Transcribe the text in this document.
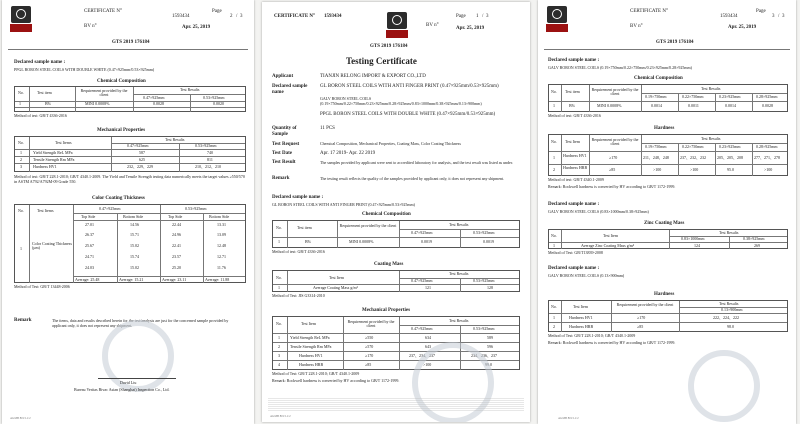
CERTIFICATE N°
1593434
Page
2 / 3
BV n°	Apr. 25, 2019
GTS 2019 176184
Declared sample name :
PPGL BORON STEEL COILS WITH DOUBLE WHITE (0.47×925mm/0.53×925mm)
Chemical Composition
No.	Test item	Requirement provided by the client
Test Results
0.47×925mm	0.53×925mm
1	B%	MINI 0.0008%	0.0028	0.0020
Method of test: GB/T 4336-2016
Mechanical Properties
No.	Test Items
Test Results
0.47×925mm	0.53×925mm
1	Yield Strength ReL MPa	587	740
2	Tensile Strength Rm MPa	625	811
3	Hardness HV1	232、229、229	210、212、210
Method of test: GB/T 228.1-2010; GB/T 4340.1-2009. The Yield and Tensile Strength testing data numerically meets the target values ≥550/570 in ASTM A792/A792M-09 Grade 550.
Color Coating Thickness
No.	Test Items	0.47×925mm	0.53×925mm
Top Side	Bottom Side	Top Side	Bottom Side
1
Color Coating Thickness (μm)
27.01	14.56	22.44	13.31
26.37	15.71	24.96	13.09
25.67	15.02	22.41	12.48
24.71	15.74	23.57	12.71
24.03	15.02	25.20	11.76
Average: 25.48	Average: 15.21	Average: 23.11	Average: 11.88
Method of Test: GB/T 13448-2006
Remark	The items, data and results described herein for the test/analysis are just for the concerned sample provided by applicant only, it does not represent any shipment.
David Liu
Bureau Veritas Bivac Asian (Shanghai) Inspection Co., Ltd.
AGMB 8013-1/2
CERTIFICATE N° 1593434	Page 1 / 3
BV n°
Apr. 25, 2019
GTS 2019 176184
Testing Certificate
Applicant	TIANJIN RELONG IMPORT & EXPORT CO.,LTD
Declared sample name
GL BORON STEEL COILS WITH ANTI FINGER PRINT (0.47×925mm/0.53×925mm)
GALV BORON STEEL COILS (0.19×750mm/0.22×750mm/0.23×925mm/0.28×925mm/0.83×1000mm/0.38×925mm/0.13×900mm)
PPGL BORON STEEL COILS WITH DOUBLE WHITE (0.47×925mm/0.53×925mm)
Quantity of Sample
11 PCS
Test Request	Chemical Composition, Mechanical Properties, Coating Mass, Color Coating Thickness
Test Date	Apr. 17 2019- Apr. 22 2019
Test Result	The samples provided by applicant were sent to accredited laboratory for analysis, and the test result was listed as under.
Remark	The testing result reflects the quality of the samples provided by applicant only, it does not represent any shipment.
Declared sample name :
GL BORON STEEL COILS WITH ANTI FINGER PRINT (0.47×925mm/0.53×925mm)
Chemical Composition
No.	Test item	Requirement provided by the client	Test Results
0.47×925mm	0.53×925mm
1	B%	MINI 0.0008%	0.0019	0.0019
Method of test: GB/T 4336-2016
Coating Mass
No.	Test Item
Test Results
0.47×925mm	0.53×925mm
1	Average Coating Mass g/m²	121	128
Method of Test: JIS G3314-2010
Mechanical Properties
No.	Test Item	Requirement provided by the client
Test Results
0.47×925mm	0.53×925mm
1	Yield Strength ReL MPa	≥550	634	589
2	Tensile Strength Rm MPa	≥570	643	596
3	Hardness HV1	≥170	237、234、237	234、236、237
4	Hardness HRB	≥85	>100	99.0
Method of Test: GB/T 228.1-2010; GB/T 4340.1-2009
Remark: Rockwell hardness is converted by HV according to GB/T 1172-1999.
AGMB 8013-1/2
CERTIFICATE N°
1593434
Page
3 / 3
BV n°	Apr. 25, 2019
GTS 2019 176184
Declared sample name :
GALV BORON STEEL COILS (0.19×750mm/0.22×750mm/0.23×925mm/0.28×925mm)
Chemical Composition
No. Test item	Requirement provided by the client
Test Results
0.19×750mm	0.22×750mm	0.23×925mm	0.28×925mm
1	B%	MINI 0.0008%	0.0014	0.0011	0.0014	0.0028
Method of test: GB/T 4336-2016
Hardness
No. Test Item	Requirement provided by the client
Test Results
0.19×750mm	0.22×750mm	0.23×925mm	0.28×925mm
1 Hardness HV1	≥170	211、248、248	237、232、232	205、205、208	277、271、278
2 Hardness HRB	≥85	>100	>100	95.0	>100
Method of test: GB/T 4340.1-2009
Remark: Rockwell hardness is converted by HV according to GB/T 1172-1999.
Declared sample name :
GALV BORON STEEL COILS (0.83×1000mm/0.38×925mm)
Zinc Coating Mass
No.	Test Item
Test Results
0.83×1000mm	0.38×925mm
1	Average Zinc Coating Mass g/m²	124	269
Method of Test: GB/T13839-2008
Declared sample name :
GALV BORON STEEL COILS (0.13×900mm)
Hardness
No.	Test Item	Requirement provided by the client	Test Results
0.13×900mm
1	Hardness HV1	≥170	222、224、222
2	Hardness HRB	≥85	98.0
Method of Test: GB/T 228.1-2010; GB/T 4340.1-2009
Remark: Rockwell hardness is converted by HV according to GB/T 1172-1999.
AGMB 8013-1/2
